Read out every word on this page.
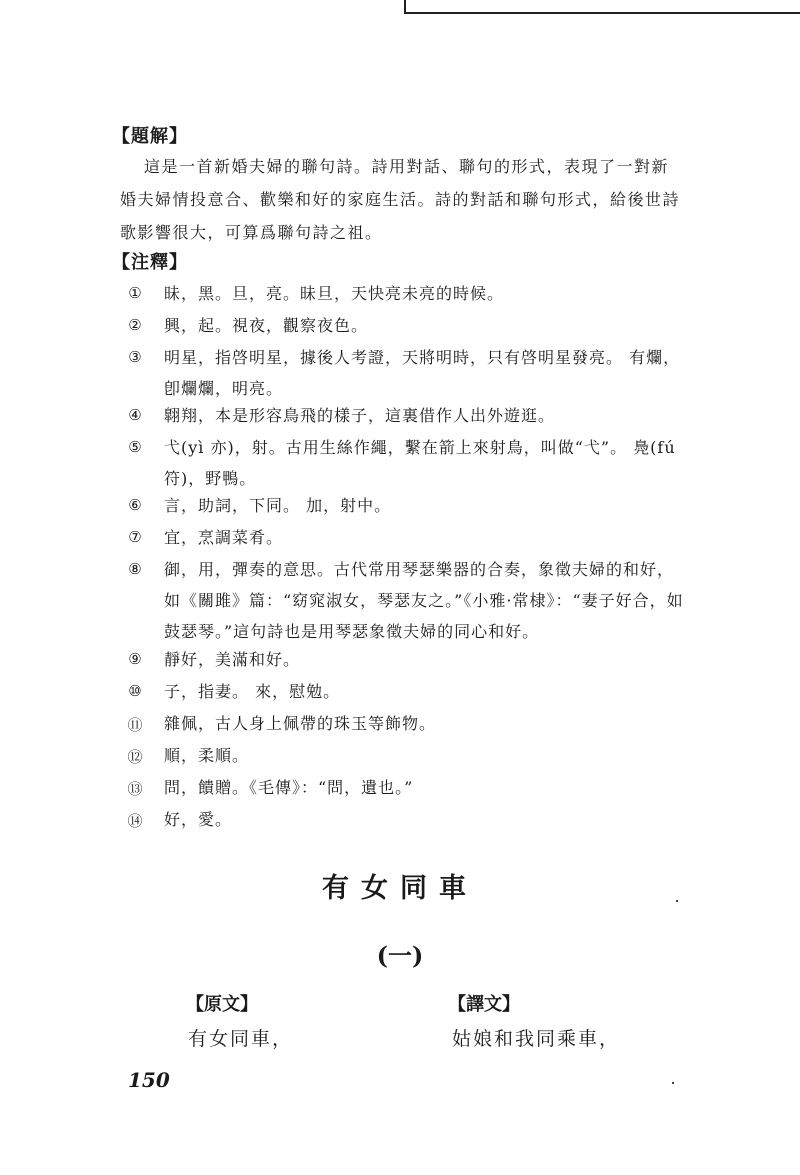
【題解】
這是一首新婚夫婦的聯句詩。詩用對話、聯句的形式，表現了一對新
婚夫婦情投意合、歡樂和好的家庭生活。詩的對話和聯句形式，給後世詩
歌影響很大，可算爲聯句詩之祖。
【注釋】
① 昧，黑。旦，亮。昧旦，天快亮未亮的時候。
② 興，起。視夜，觀察夜色。
③ 明星，指啓明星，據後人考證，天將明時，只有啓明星發亮。 有爛，
卽爛爛，明亮。
④ 翺翔，本是形容鳥飛的樣子，這裏借作人出外遊逛。
⑤ 弋(yì 亦)，射。古用生絲作繩，繫在箭上來射鳥，叫做“弋”。 鳧(fú
符)，野鴨。
⑥ 言，助詞，下同。 加，射中。
⑦ 宜，烹調菜肴。
⑧ 御，用，彈奏的意思。古代常用琴瑟樂器的合奏，象徵夫婦的和好，
如《關雎》篇：“窈窕淑女，琴瑟友之。”《小雅·常棣》：“妻子好合，如
鼓瑟琴。”這句詩也是用琴瑟象徵夫婦的同心和好。
⑨ 靜好，美滿和好。
⑩ 子，指妻。 來，慰勉。
⑪ 雜佩，古人身上佩帶的珠玉等飾物。
⑫ 順，柔順。
⑬ 問，饋贈。《毛傳》：“問，遺也。”
⑭ 好，愛。
有女同車
(一)
【原文】	【譯文】
有女同車，	姑娘和我同乘車，
150
